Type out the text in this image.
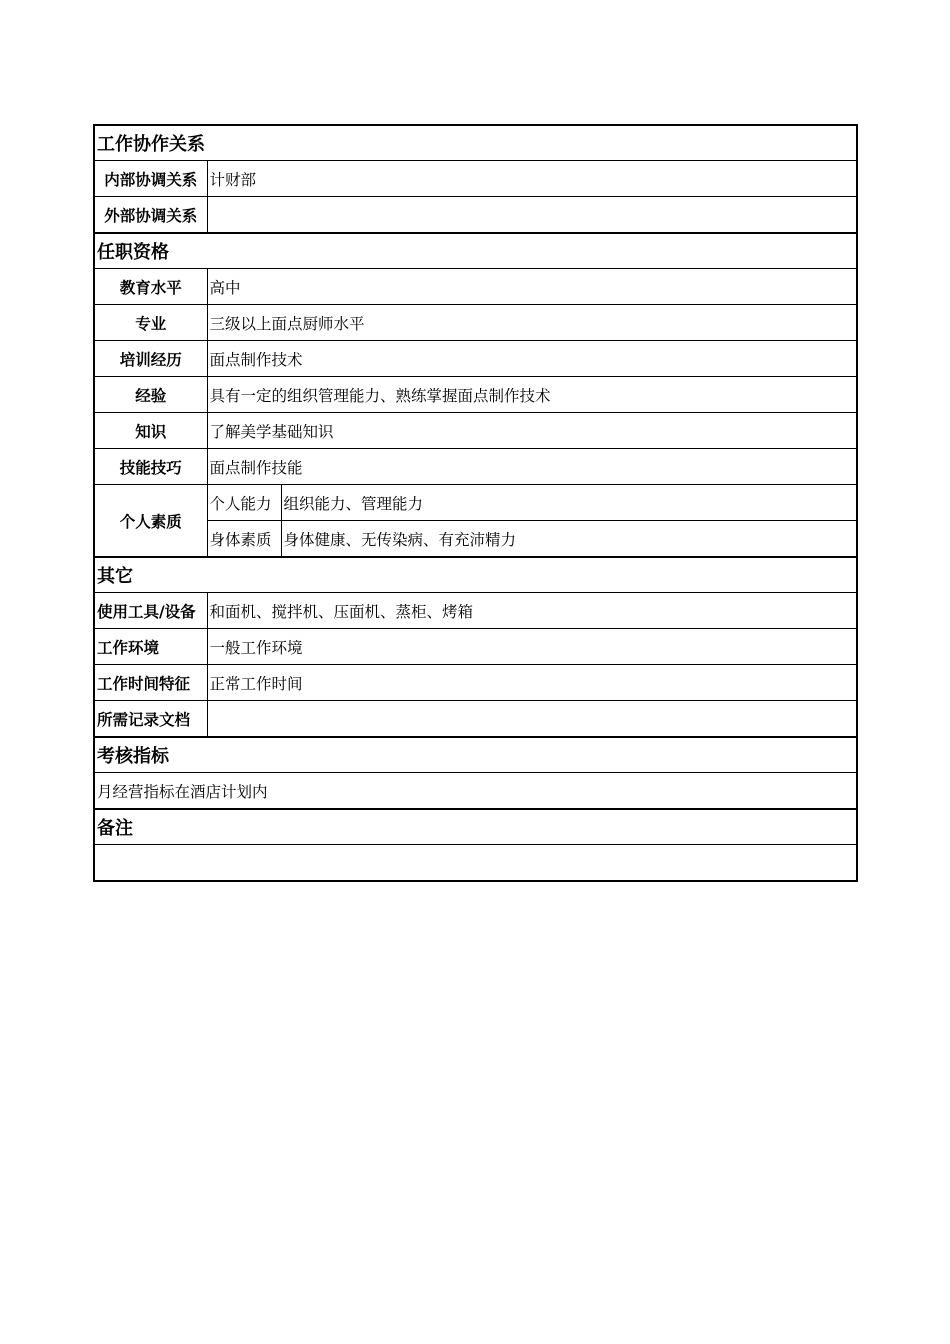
工作协作关系		
内部协调关系	计财部	
外部协调关系		
任职资格		
教育水平	高中	
专业	三级以上面点厨师水平	
培训经历	面点制作技术	
经验	具有一定的组织管理能力、熟练掌握面点制作技术	
知识	了解美学基础知识	
技能技巧	面点制作技能	
个人素质	个人能力	组织能力、管理能力
	身体素质	身体健康、无传染病、有充沛精力
其它		
使用工具/设备	和面机、搅拌机、压面机、蒸柜、烤箱	
工作环境	一般工作环境	
工作时间特征	正常工作时间	
所需记录文档		
考核指标		
月经营指标在酒店计划内		
备注		
